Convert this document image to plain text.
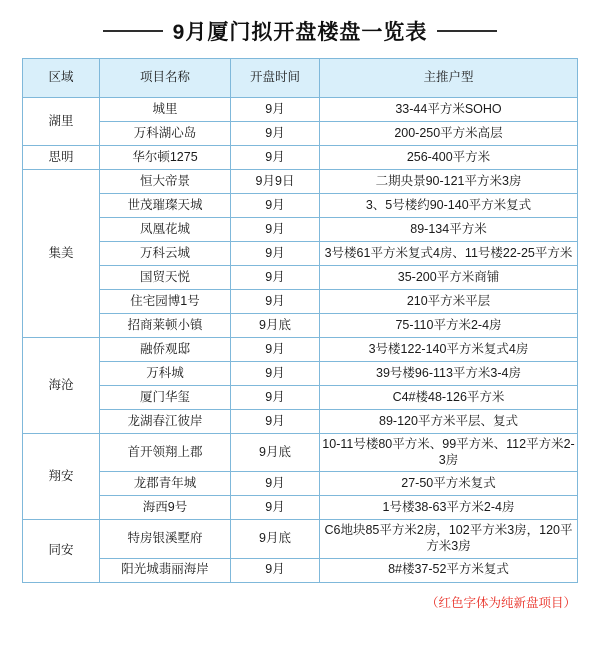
9月厦门拟开盘楼盘一览表
区域	项目名称	开盘时间	主推户型
湖里	城里	9月	33-44平方米SOHO
	万科湖心岛	9月	200-250平方米高层
思明	华尔顿1275	9月	256-400平方米
集美	恒大帝景	9月9日	二期央景90-121平方米3房
	世茂璀璨天城	9月	3、5号楼约90-140平方米复式
	凤凰花城	9月	89-134平方米
	万科云城	9月	3号楼61平方米复式4房、11号楼22-25平方米
	国贸天悦	9月	35-200平方米商铺
	住宅园博1号	9月	210平方米平层
	招商莱顿小镇	9月底	75-110平方米2-4房
海沧	融侨观邸	9月	3号楼122-140平方米复式4房
	万科城	9月	39号楼96-113平方米3-4房
	厦门华玺	9月	C4#楼48-126平方米
	龙湖春江彼岸	9月	89-120平方米平层、复式
翔安	首开领翔上郡	9月底	10-11号楼80平方米、99平方米、112平方米2-3房
	龙郡青年城	9月	27-50平方米复式
	海西9号	9月	1号楼38-63平方米2-4房
同安	特房银溪墅府	9月底	C6地块85平方米2房，102平方米3房，120平方米3房
	阳光城翡丽海岸	9月	8#楼37-52平方米复式
（红色字体为纯新盘项目）
